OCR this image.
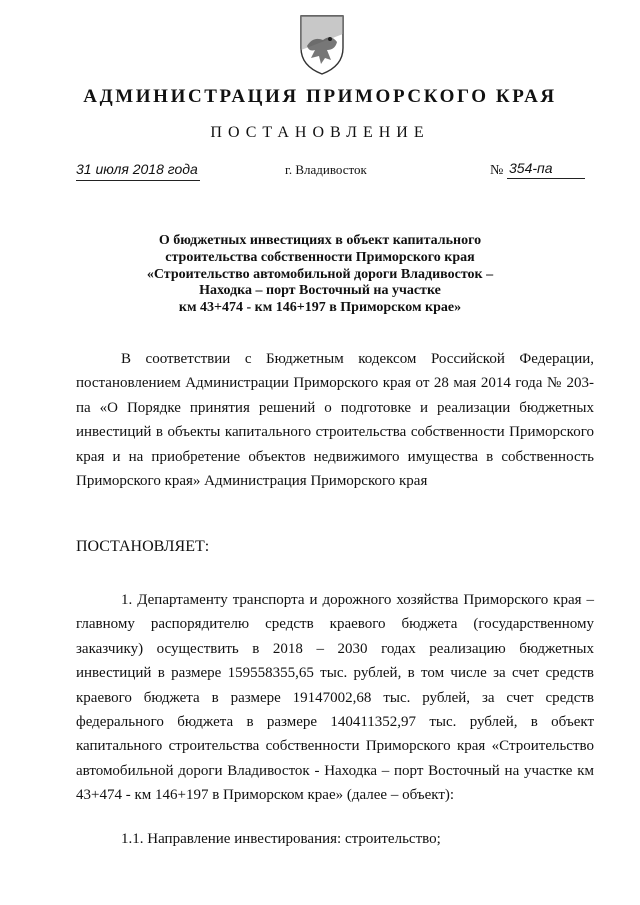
АДМИНИСТРАЦИЯ ПРИМОРСКОГО КРАЯ
ПОСТАНОВЛЕНИЕ
31 июля 2018 года	г. Владивосток	№ 354-па
О бюджетных инвестициях в объект капитального
строительства собственности Приморского края
«Строительство автомобильной дороги Владивосток –
Находка – порт Восточный на участке
км 43+474 - км 146+197 в Приморском крае»

В соответствии с Бюджетным кодексом Российской Федерации, постановлением Администрации Приморского края от 28 мая 2014 года № 203-па «О Порядке принятия решений о подготовке и реализации бюджетных инвестиций в объекты капитального строительства собственности Приморского края и на приобретение объектов недвижимого имущества в собственность Приморского края» Администрация Приморского края

ПОСТАНОВЛЯЕТ:

1. Департаменту транспорта и дорожного хозяйства Приморского края – главному распорядителю средств краевого бюджета (государственному заказчику) осуществить в 2018 – 2030 годах реализацию бюджетных инвестиций в размере 159558355,65 тыс. рублей, в том числе за счет средств краевого бюджета в размере 19147002,68 тыс. рублей, за счет средств федерального бюджета в размере 140411352,97 тыс. рублей, в объект капитального строительства собственности Приморского края «Строительство автомобильной дороги Владивосток - Находка – порт Восточный на участке км 43+474 - км 146+197 в Приморском крае» (далее – объект):

1.1. Направление инвестирования: строительство;
